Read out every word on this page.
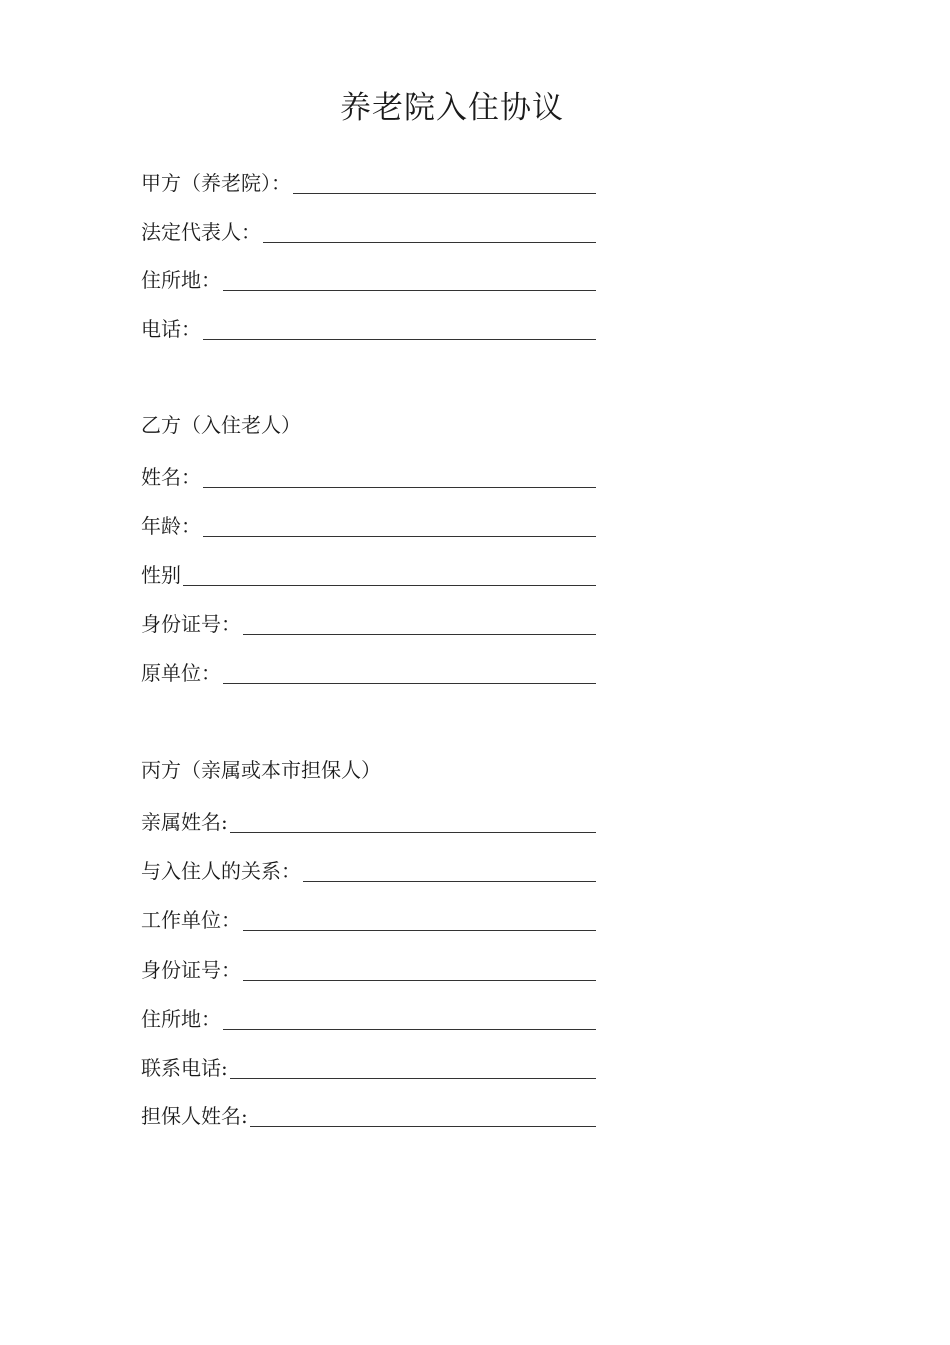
养老院入住协议
甲方（养老院）：
法定代表人：
住所地：
电话：
乙方（入住老人）
姓名：
年龄：
性别
身份证号：
原单位：
丙方（亲属或本市担保人）
亲属姓名:
与入住人的关系：
工作单位：
身份证号：
住所地：
联系电话:
担保人姓名:
